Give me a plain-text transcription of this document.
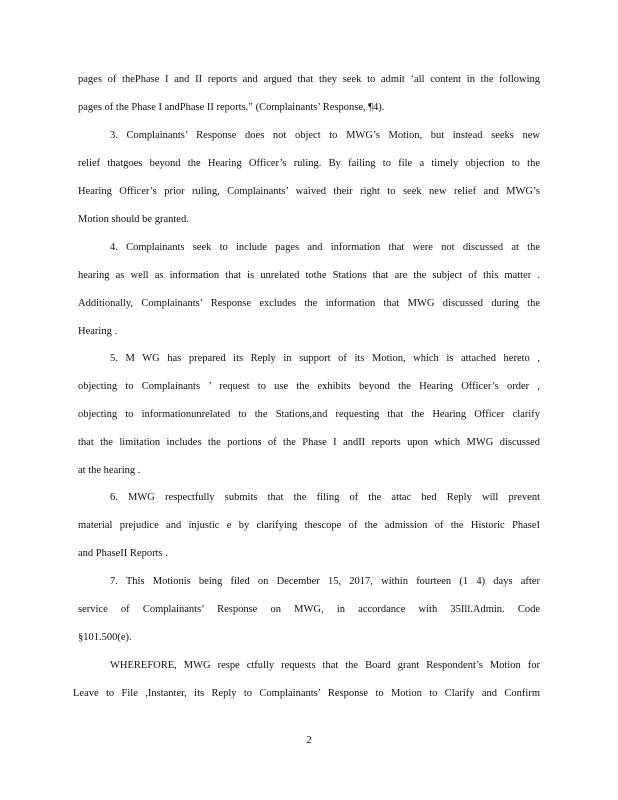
pages of thePhase I and II reports and argued that they seek to admit ‘all content in the following
pages of the Phase I andPhase II reports.” (Complainants’ Response, ¶4).
3. Complainants’ Response does not object to MWG’s Motion, but instead seeks new
relief thatgoes beyond the Hearing Officer’s ruling. By failing to file a timely objection to the
Hearing Officer’s prior ruling, Complainants’ waived their right to seek new relief and MWG’s
Motion should be granted.
4. Complainants seek to include pages and information that were not discussed at the
hearing as well as information that is unrelated tothe Stations that are the subject of this matter .
Additionally, Complainants’ Response excludes the information that MWG discussed during the
Hearing .
5. M WG has prepared its Reply in support of its Motion, which is attached hereto ,
objecting to Complainants ’ request to use the exhibits beyond the Hearing Officer’s order ,
objecting to informationunrelated to the Stations,and requesting that the Hearing Officer clarify
that the limitation includes the portions of the Phase I andII reports upon which MWG discussed
at the hearing .
6. MWG respectfully submits that the filing of the attac hed Reply will prevent
material prejudice and injustic e by clarifying thescope of the admission of the Historic PhaseI
and PhaseII Reports .
7. This Motionis being filed on December 15, 2017, within fourteen (1 4) days after
service of Complainants’ Response on MWG, in accordance with 35Ill.Admin. Code
§101.500(e).
WHEREFORE, MWG respe ctfully requests that the Board grant Respondent’s Motion for
Leave to File ,Instanter, its Reply to Complainants’ Response to Motion to Clarify and Confirm
2
